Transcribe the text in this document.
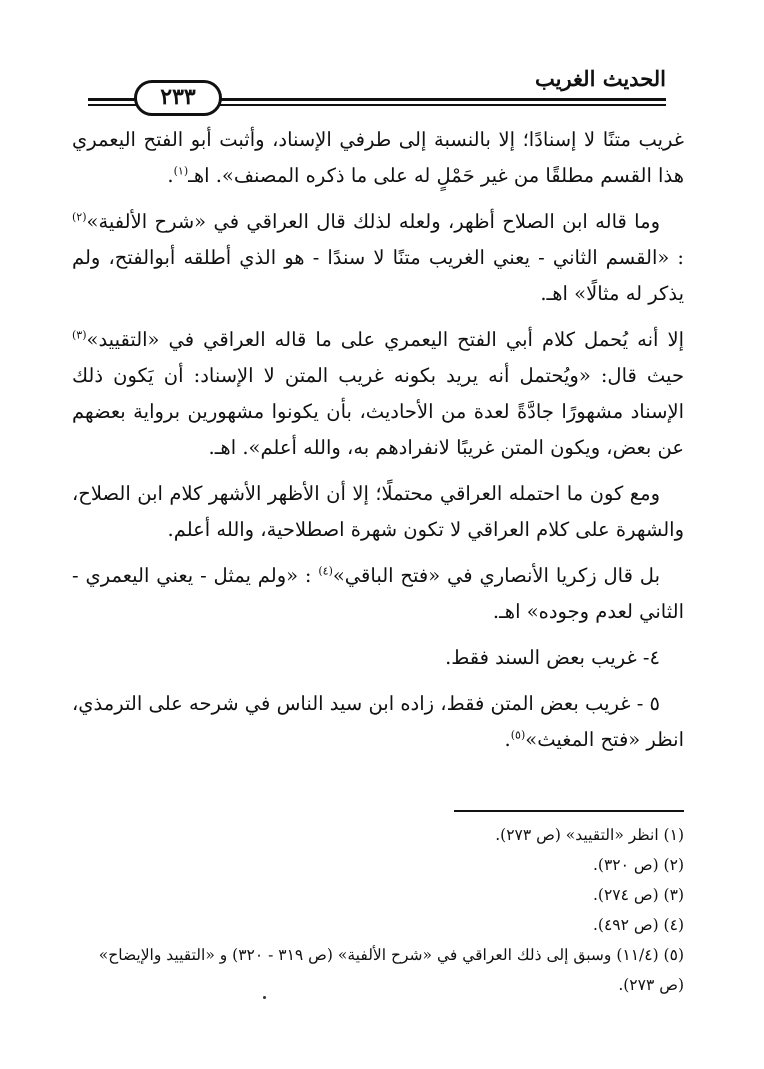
الحديث الغريب
٢٣٣

غريب متنًا لا إسنادًا؛ إلا بالنسبة إلى طرفي الإسناد، وأثبت أبو الفتح اليعمري هذا القسم مطلقًا من غير حَمْلٍ له على ما ذكره المصنف». اهـ$^{(١)}$.

وما قاله ابن الصلاح أظهر، ولعله لذلك قال العراقي في «شرح الألفية»$^{(٢)}$ : «القسم الثاني - يعني الغريب متنًا لا سندًا - هو الذي أطلقه أبوالفتح، ولم يذكر له مثالًا» اهـ.

إلا أنه يُحمل كلام أبي الفتح اليعمري على ما قاله العراقي في «التقييد»$^{(٣)}$ حيث قال: «ويُحتمل أنه يريد بكونه غريب المتن لا الإسناد: أن يَكون ذلك الإسناد مشهورًا جادَّةً لعدة من الأحاديث، بأن يكونوا مشهورين برواية بعضهم عن بعض، ويكون المتن غريبًا لانفرادهم به، والله أعلم». اهـ.

ومع كون ما احتمله العراقي محتملًا؛ إلا أن الأظهر الأشهر كلام ابن الصلاح، والشهرة على كلام العراقي لا تكون شهرة اصطلاحية، والله أعلم.

بل قال زكريا الأنصاري في «فتح الباقي»$^{(٤)}$ : «ولم يمثل - يعني اليعمري - الثاني لعدم وجوده» اهـ.

٤- غريب بعض السند فقط.

٥ - غريب بعض المتن فقط، زاده ابن سيد الناس في شرحه على الترمذي، انظر «فتح المغيث»$^{(٥)}$.

(١) انظر «التقييد» (ص ٢٧٣).
(٢) (ص ٣٢٠).
(٣) (ص ٢٧٤).
(٤) (ص ٤٩٢).
(٥) (١١/٤) وسبق إلى ذلك العراقي في «شرح الألفية» (ص ٣١٩ - ٣٢٠) و «التقييد والإيضاح» (ص ٢٧٣).
